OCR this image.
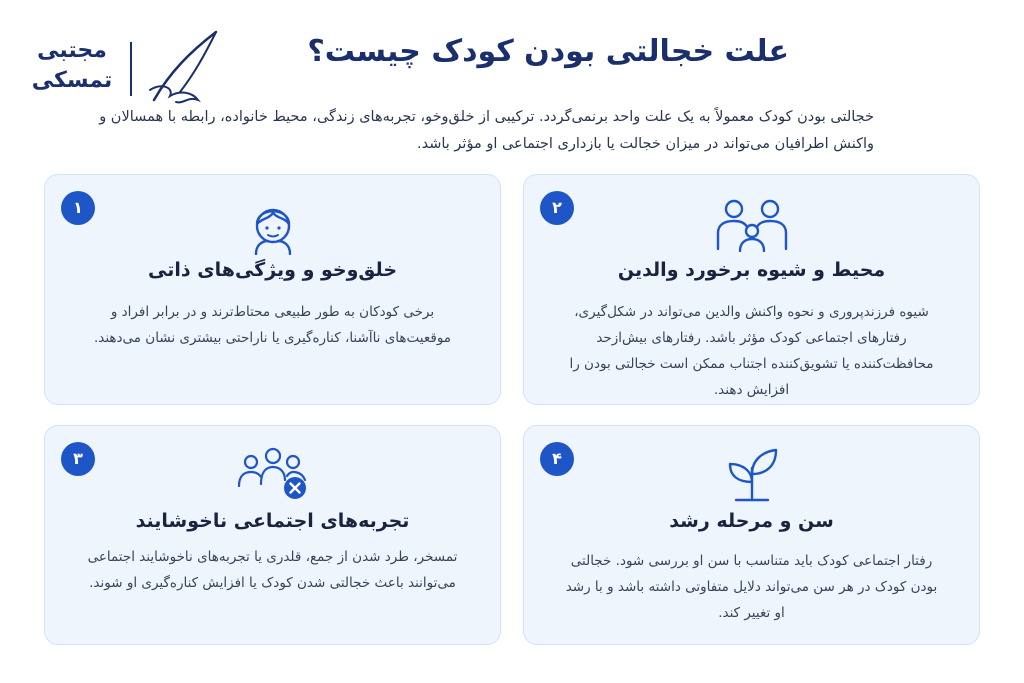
مجتبی
تمسکی
علت خجالتی بودن کودک چیست؟

خجالتی بودن کودک معمولاً به یک علت واحد برنمی‌گردد. ترکیبی از خلق‌وخو، تجربه‌های زندگی، محیط خانواده، رابطه با همسالان و واکنش اطرافیان می‌تواند در میزان خجالت یا بازداری اجتماعی او مؤثر باشد.

۱
خلق‌وخو و ویژگی‌های ذاتی
برخی کودکان به طور طبیعی محتاط‌ترند و در برابر افراد و موقعیت‌های ناآشنا، کناره‌گیری یا ناراحتی بیشتری نشان می‌دهند.
۲
محیط و شیوه برخورد والدین
شیوه فرزندپروری و نحوه واکنش والدین می‌تواند در شکل‌گیری، رفتارهای اجتماعی کودک مؤثر باشد. رفتارهای بیش‌ازحد محافظت‌کننده یا تشویق‌کننده اجتناب ممکن است خجالتی بودن را افزایش دهند.
۳
تجربه‌های اجتماعی ناخوشایند
تمسخر، طرد شدن از جمع، قلدری یا تجربه‌های ناخوشایند اجتماعی می‌توانند باعث خجالتی شدن کودک یا افزایش کناره‌گیری او شوند.
۴
سن و مرحله رشد
رفتار اجتماعی کودک باید متناسب با سن او بررسی شود. خجالتی بودن کودک در هر سن می‌تواند دلایل متفاوتی داشته باشد و با رشد او تغییر کند.
